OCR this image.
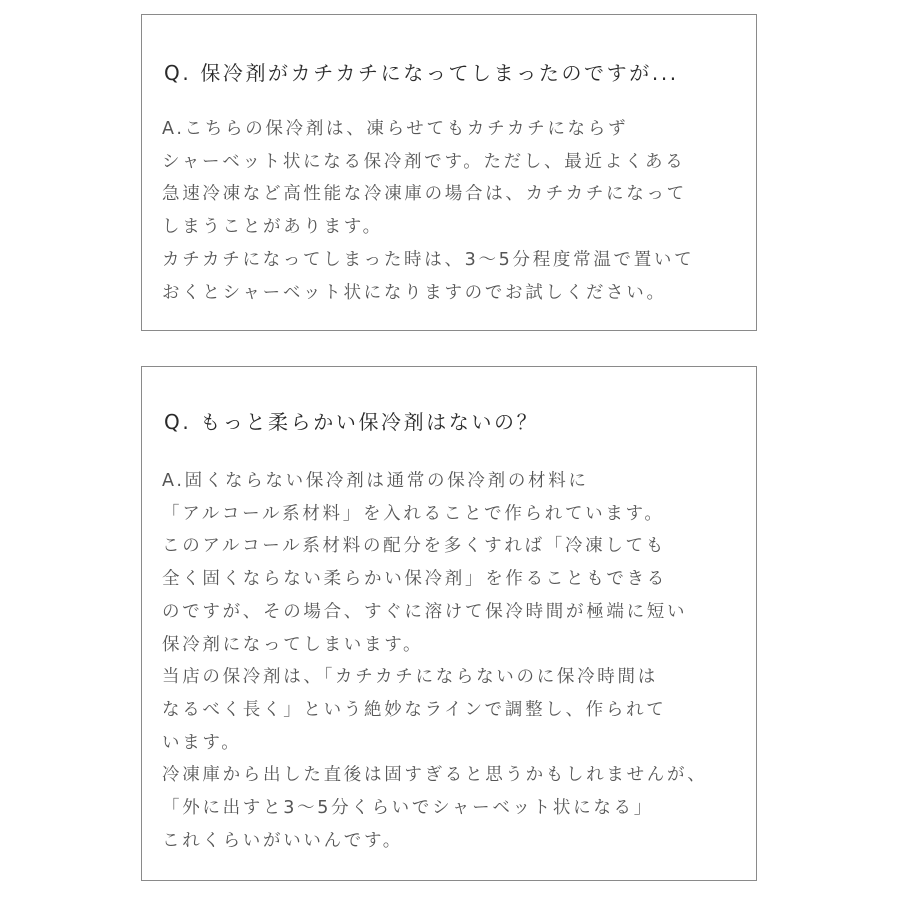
Q. 保冷剤がカチカチになってしまったのですが...
A.こちらの保冷剤は、凍らせてもカチカチにならず
シャーベット状になる保冷剤です。ただし、最近よくある
急速冷凍など高性能な冷凍庫の場合は、カチカチになって
しまうことがあります。
カチカチになってしまった時は、3～5分程度常温で置いて
おくとシャーベット状になりますのでお試しください。
Q. もっと柔らかい保冷剤はないの？
A.固くならない保冷剤は通常の保冷剤の材料に
「アルコール系材料」を入れることで作られています。
このアルコール系材料の配分を多くすれば「冷凍しても
全く固くならない柔らかい保冷剤」を作ることもできる
のですが、その場合、すぐに溶けて保冷時間が極端に短い
保冷剤になってしまいます。
当店の保冷剤は、「カチカチにならないのに保冷時間は
なるべく長く」という絶妙なラインで調整し、作られて
います。
冷凍庫から出した直後は固すぎると思うかもしれませんが、
「外に出すと3～5分くらいでシャーベット状になる」
これくらいがいいんです。
